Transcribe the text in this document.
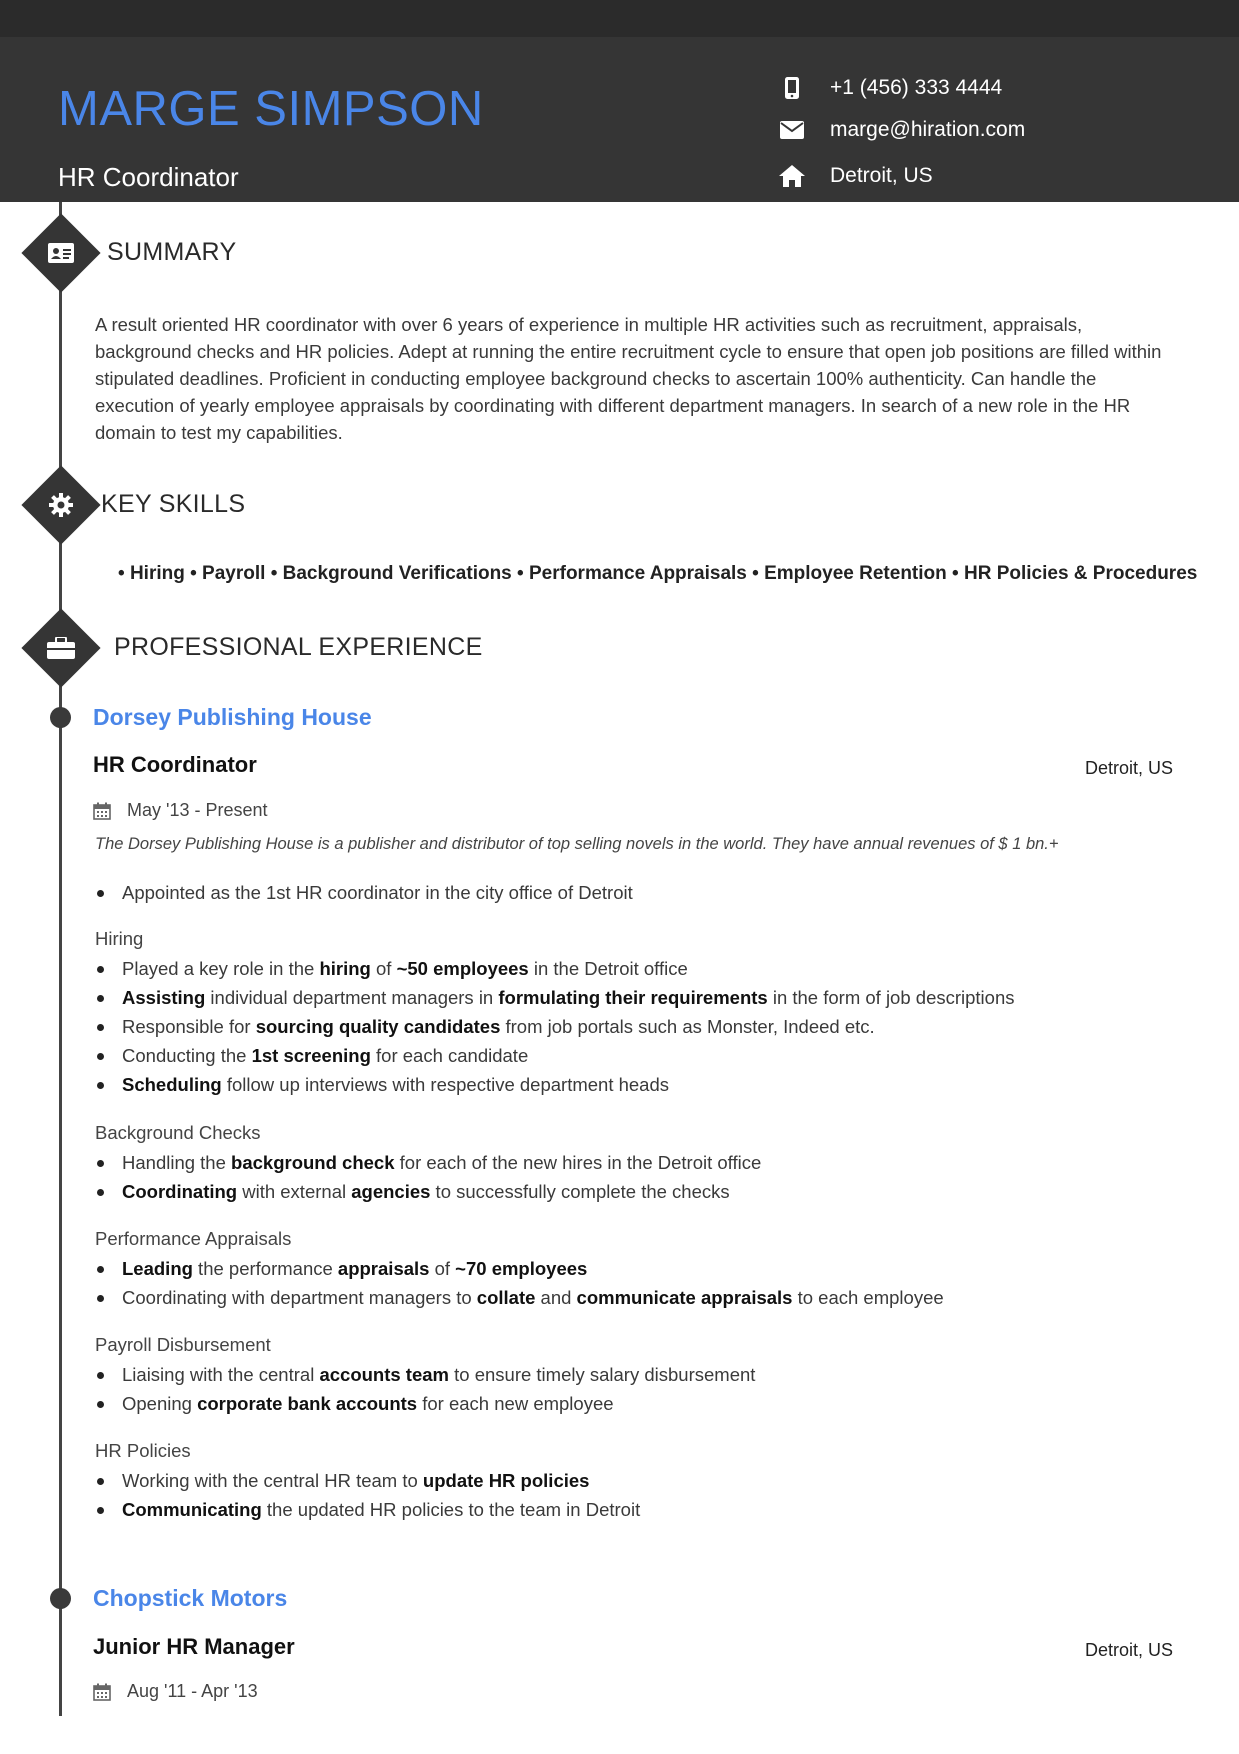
MARGE SIMPSON
HR Coordinator
+1 (456) 333 4444
marge@hiration.com
Detroit, US
SUMMARY
A result oriented HR coordinator with over 6 years of experience in multiple HR activities such as recruitment, appraisals, background checks and HR policies. Adept at running the entire recruitment cycle to ensure that open job positions are filled within stipulated deadlines. Proficient in conducting employee background checks to ascertain 100% authenticity. Can handle the execution of yearly employee appraisals by coordinating with different department managers. In search of a new role in the HR domain to test my capabilities.
KEY SKILLS
• Hiring • Payroll • Background Verifications • Performance Appraisals • Employee Retention • HR Policies & Procedures
PROFESSIONAL EXPERIENCE
Dorsey Publishing House
HR Coordinator	Detroit, US
May '13 - Present
The Dorsey Publishing House is a publisher and distributor of top selling novels in the world. They have annual revenues of $ 1 bn.+
Appointed as the 1st HR coordinator in the city office of Detroit
Hiring
Played a key role in the hiring of ~50 employees in the Detroit office
Assisting individual department managers in formulating their requirements in the form of job descriptions
Responsible for sourcing quality candidates from job portals such as Monster, Indeed etc.
Conducting the 1st screening for each candidate
Scheduling follow up interviews with respective department heads
Background Checks
Handling the background check for each of the new hires in the Detroit office
Coordinating with external agencies to successfully complete the checks
Performance Appraisals
Leading the performance appraisals of ~70 employees
Coordinating with department managers to collate and communicate appraisals to each employee
Payroll Disbursement
Liaising with the central accounts team to ensure timely salary disbursement
Opening corporate bank accounts for each new employee
HR Policies
Working with the central HR team to update HR policies
Communicating the updated HR policies to the team in Detroit
Chopstick Motors
Junior HR Manager	Detroit, US
Aug '11 - Apr '13
